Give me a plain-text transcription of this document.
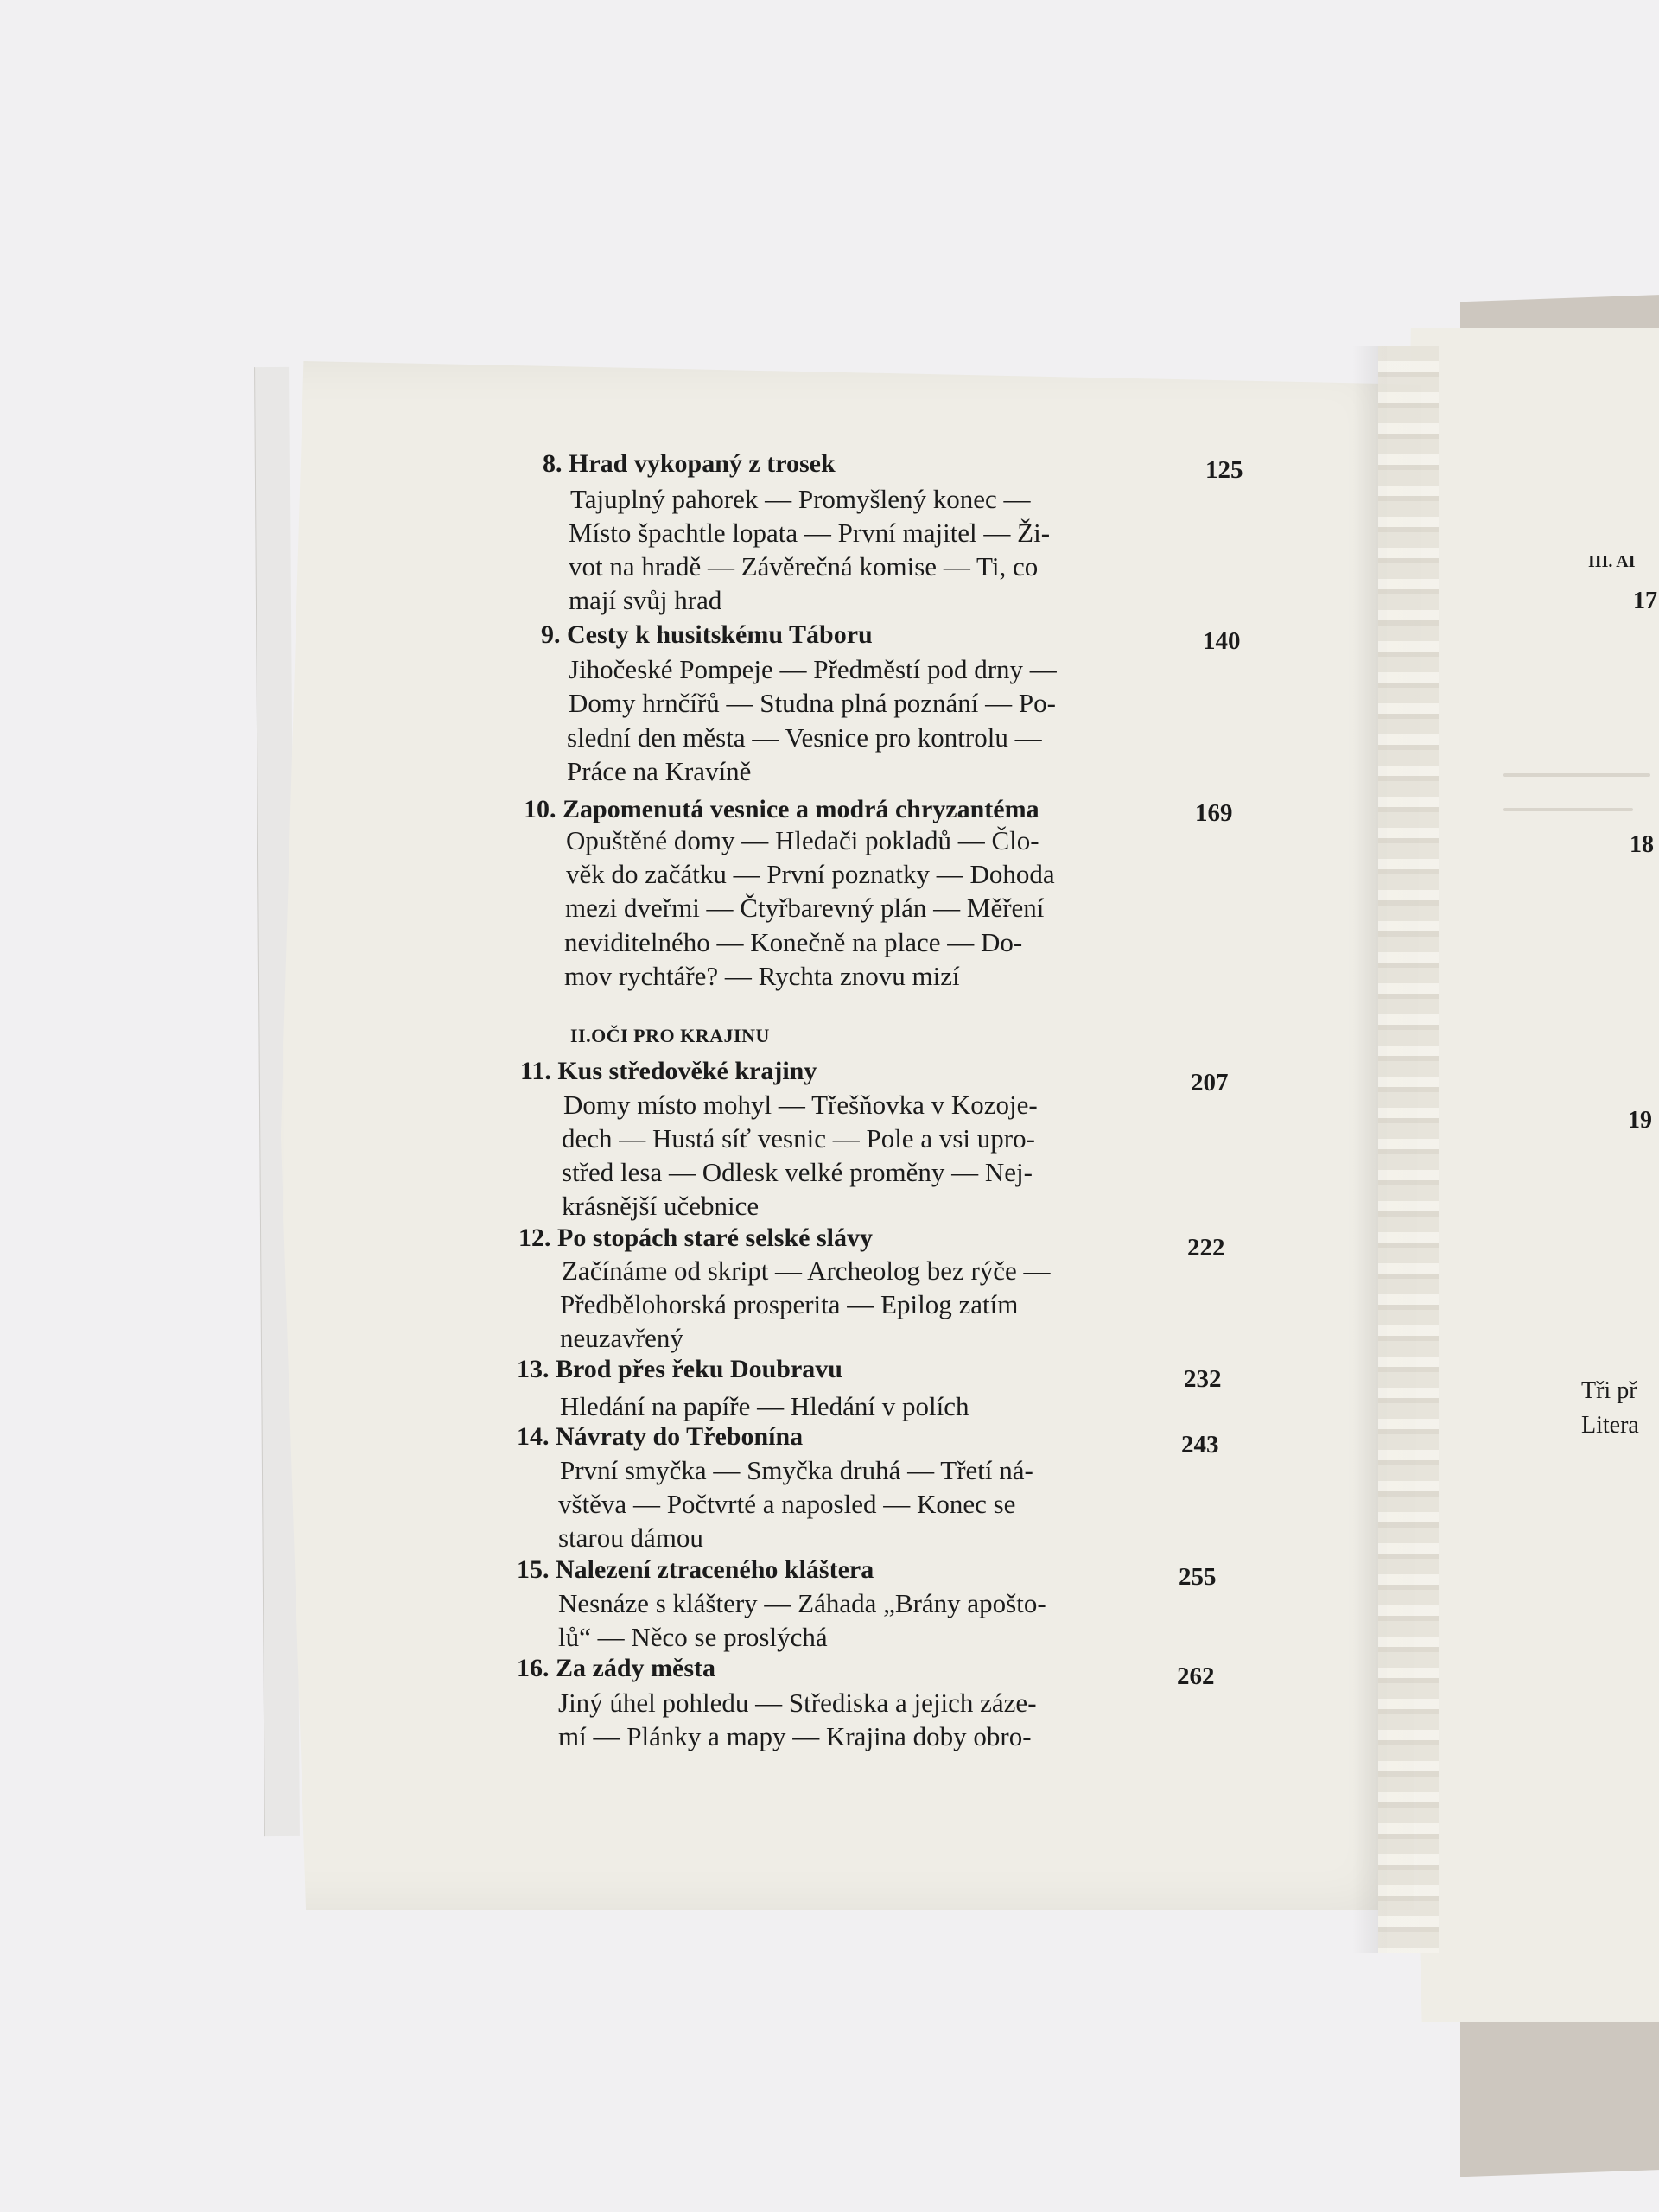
8. Hrad vykopaný z trosek	125
Tajuplný pahorek — Promyšlený konec —
Místo špachtle lopata — První majitel — Ži-
vot na hradě — Závěrečná komise — Ti, co
mají svůj hrad
9. Cesty k husitskému Táboru	140
Jihočeské Pompeje — Předměstí pod drny —
Domy hrnčířů — Studna plná poznání — Po-
slední den města — Vesnice pro kontrolu —
Práce na Kravíně
10. Zapomenutá vesnice a modrá chryzantéma	169
Opuštěné domy — Hledači pokladů — Člo-
věk do začátku — První poznatky — Dohoda
mezi dveřmi — Čtyřbarevný plán — Měření
neviditelného — Konečně na place — Do-
mov rychtáře? — Rychta znovu mizí
II.OČI PRO KRAJINU
11. Kus středověké krajiny	207
Domy místo mohyl — Třešňovka v Kozoje-
dech — Hustá síť vesnic — Pole a vsi upro-
střed lesa — Odlesk velké proměny — Nej-
krásnější učebnice
12. Po stopách staré selské slávy	222
Začínáme od skript — Archeolog bez rýče —
Předbělohorská prosperita — Epilog zatím
neuzavřený
13. Brod přes řeku Doubravu	232
Hledání na papíře — Hledání v polích
14. Návraty do Třebonína	243
První smyčka — Smyčka druhá — Třetí ná-
vštěva — Počtvrté a naposled — Konec se
starou dámou
15. Nalezení ztraceného kláštera	255
Nesnáze s kláštery — Záhada „Brány apošto-
lů“ — Něco se proslýchá
16. Za zády města	262
Jiný úhel pohledu — Střediska a jejich záze-
mí — Plánky a mapy — Krajina doby obro-
III. AI
17
18
19
Tři př
Litera
